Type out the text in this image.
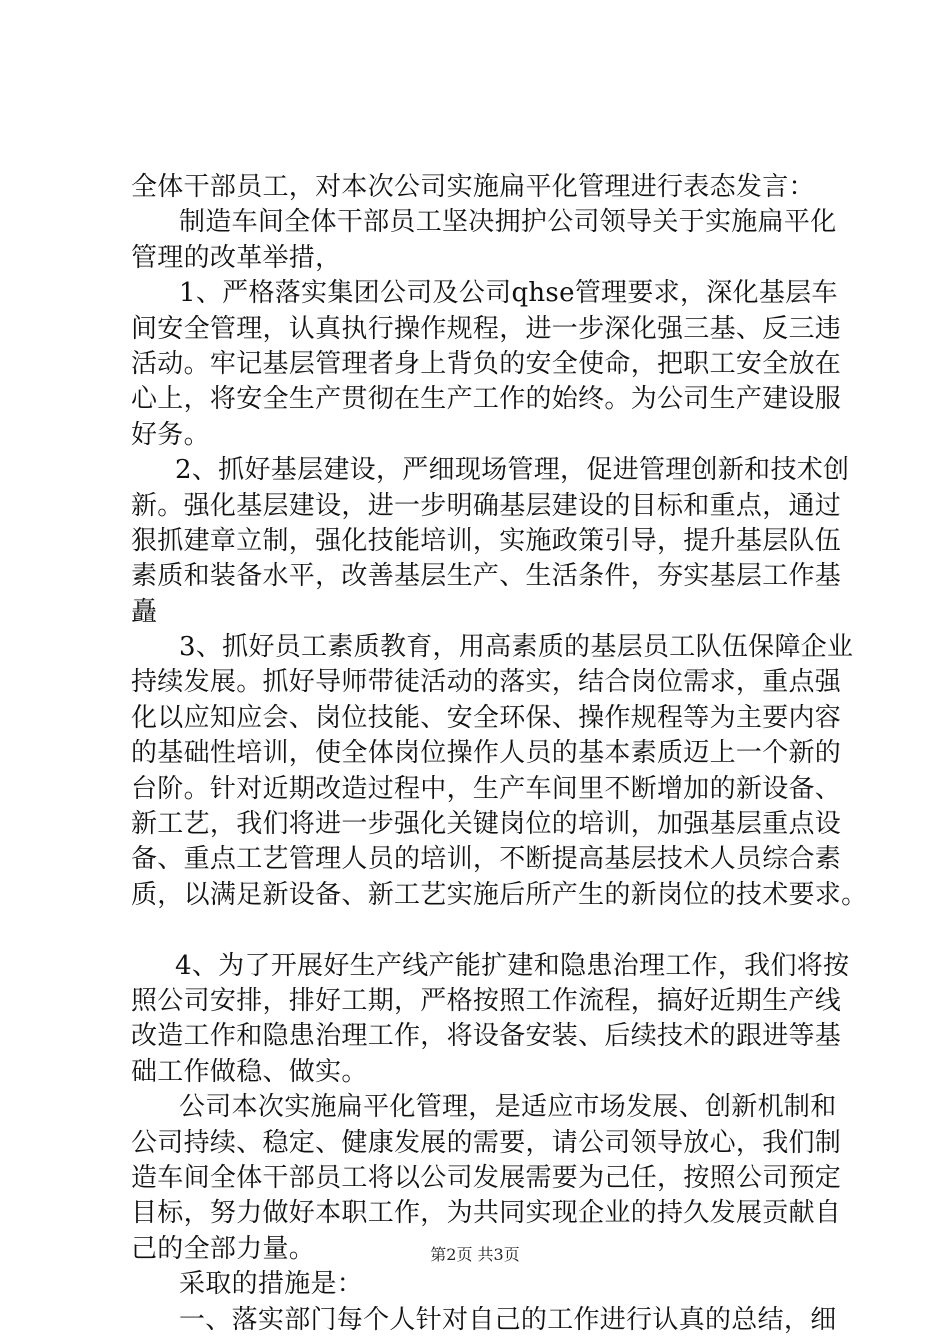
全体干部员工，对本次公司实施扁平化管理进行表态发言：
制造车间全体干部员工坚决拥护公司领导关于实施扁平化
管理的改革举措，
1、严格落实集团公司及公司qhse管理要求，深化基层车
间安全管理，认真执行操作规程，进一步深化强三基、反三违
活动。牢记基层管理者身上背负的安全使命，把职工安全放在
心上，将安全生产贯彻在生产工作的始终。为公司生产建设服
好务。
2、抓好基层建设，严细现场管理，促进管理创新和技术创
新。强化基层建设，进一步明确基层建设的目标和重点，通过
狠抓建章立制，强化技能培训，实施政策引导，提升基层队伍
素质和装备水平，改善基层生产、生活条件，夯实基层工作基
矗
3、抓好员工素质教育，用高素质的基层员工队伍保障企业
持续发展。抓好导师带徒活动的落实，结合岗位需求，重点强
化以应知应会、岗位技能、安全环保、操作规程等为主要内容
的基础性培训，使全体岗位操作人员的基本素质迈上一个新的
台阶。针对近期改造过程中，生产车间里不断增加的新设备、
新工艺，我们将进一步强化关键岗位的培训，加强基层重点设
备、重点工艺管理人员的培训，不断提高基层技术人员综合素
质，以满足新设备、新工艺实施后所产生的新岗位的技术要求。
4、为了开展好生产线产能扩建和隐患治理工作，我们将按
照公司安排，排好工期，严格按照工作流程，搞好近期生产线
改造工作和隐患治理工作，将设备安装、后续技术的跟进等基
础工作做稳、做实。
公司本次实施扁平化管理，是适应市场发展、创新机制和
公司持续、稳定、健康发展的需要，请公司领导放心，我们制
造车间全体干部员工将以公司发展需要为己任，按照公司预定
目标，努力做好本职工作，为共同实现企业的持久发展贡献自
己的全部力量。
采取的措施是：
一、落实部门每个人针对自己的工作进行认真的总结，细
第2页 共3页
